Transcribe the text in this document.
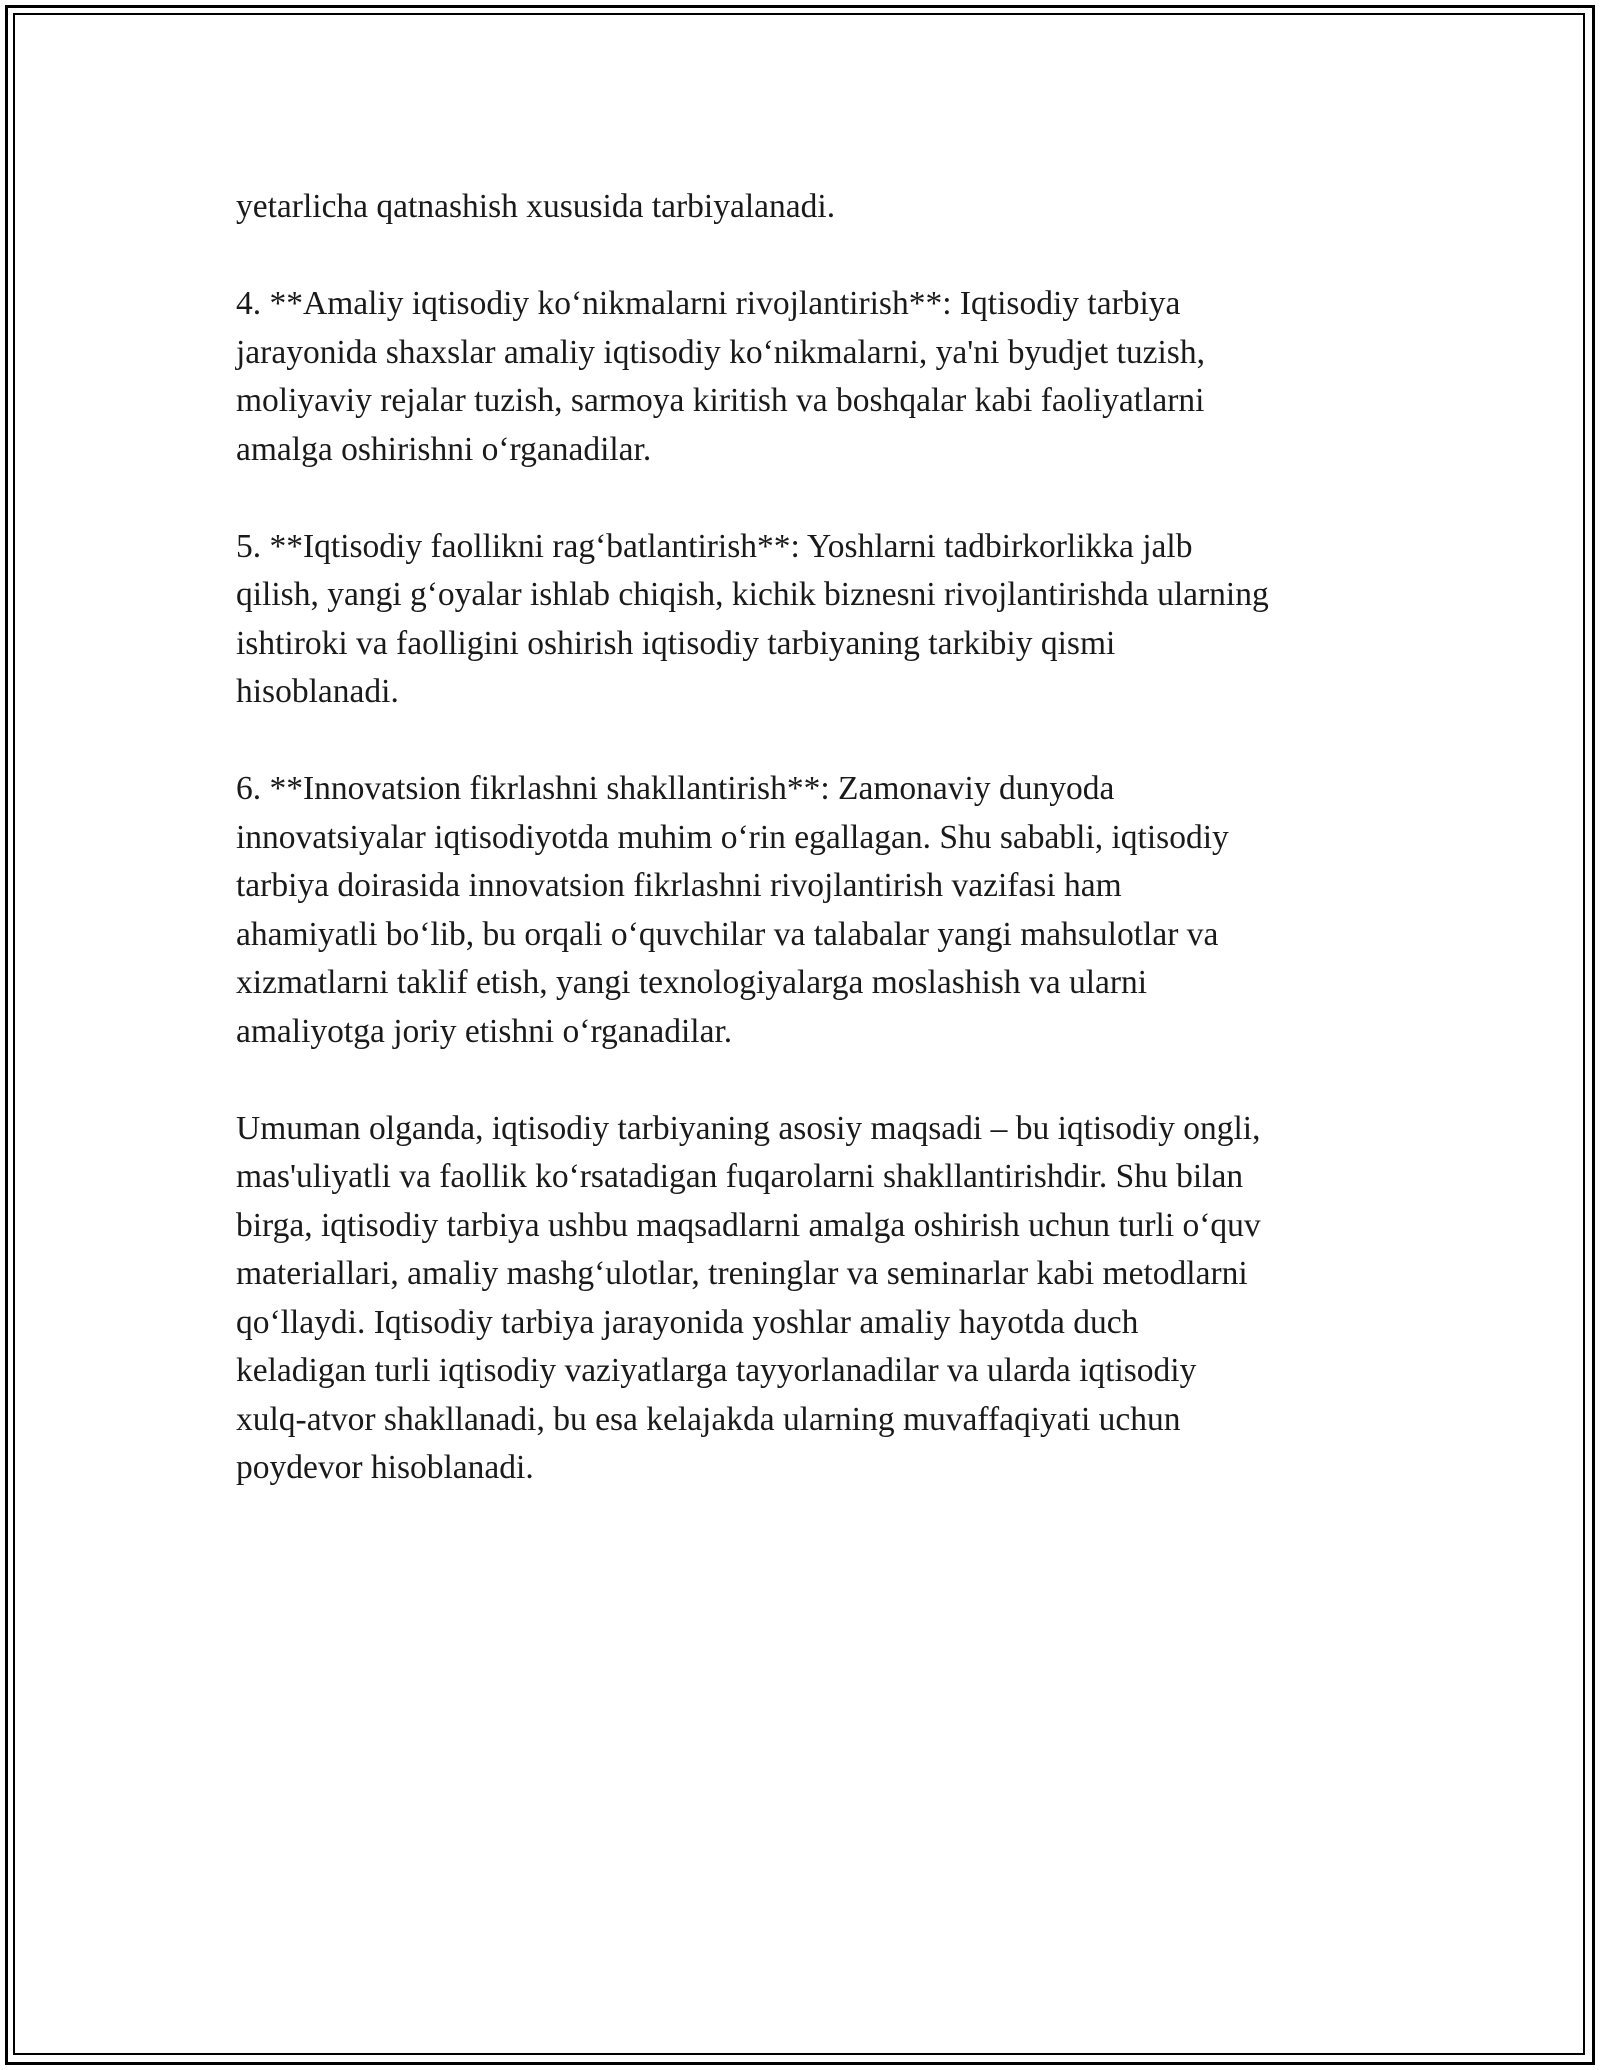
yetarlicha qatnashish xususida tarbiyalanadi.

4. **Amaliy iqtisodiy ko‘nikmalarni rivojlantirish**: Iqtisodiy tarbiya
jarayonida shaxslar amaliy iqtisodiy ko‘nikmalarni, ya'ni byudjet tuzish,
moliyaviy rejalar tuzish, sarmoya kiritish va boshqalar kabi faoliyatlarni
amalga oshirishni o‘rganadilar.

5. **Iqtisodiy faollikni rag‘batlantirish**: Yoshlarni tadbirkorlikka jalb
qilish, yangi g‘oyalar ishlab chiqish, kichik biznesni rivojlantirishda ularning
ishtiroki va faolligini oshirish iqtisodiy tarbiyaning tarkibiy qismi
hisoblanadi.

6. **Innovatsion fikrlashni shakllantirish**: Zamonaviy dunyoda
innovatsiyalar iqtisodiyotda muhim o‘rin egallagan. Shu sababli, iqtisodiy
tarbiya doirasida innovatsion fikrlashni rivojlantirish vazifasi ham
ahamiyatli bo‘lib, bu orqali o‘quvchilar va talabalar yangi mahsulotlar va
xizmatlarni taklif etish, yangi texnologiyalarga moslashish va ularni
amaliyotga joriy etishni o‘rganadilar.

Umuman olganda, iqtisodiy tarbiyaning asosiy maqsadi – bu iqtisodiy ongli,
mas'uliyatli va faollik ko‘rsatadigan fuqarolarni shakllantirishdir. Shu bilan
birga, iqtisodiy tarbiya ushbu maqsadlarni amalga oshirish uchun turli o‘quv
materiallari, amaliy mashg‘ulotlar, treninglar va seminarlar kabi metodlarni
qo‘llaydi. Iqtisodiy tarbiya jarayonida yoshlar amaliy hayotda duch
keladigan turli iqtisodiy vaziyatlarga tayyorlanadilar va ularda iqtisodiy
xulq-atvor shakllanadi, bu esa kelajakda ularning muvaffaqiyati uchun
poydevor hisoblanadi.
